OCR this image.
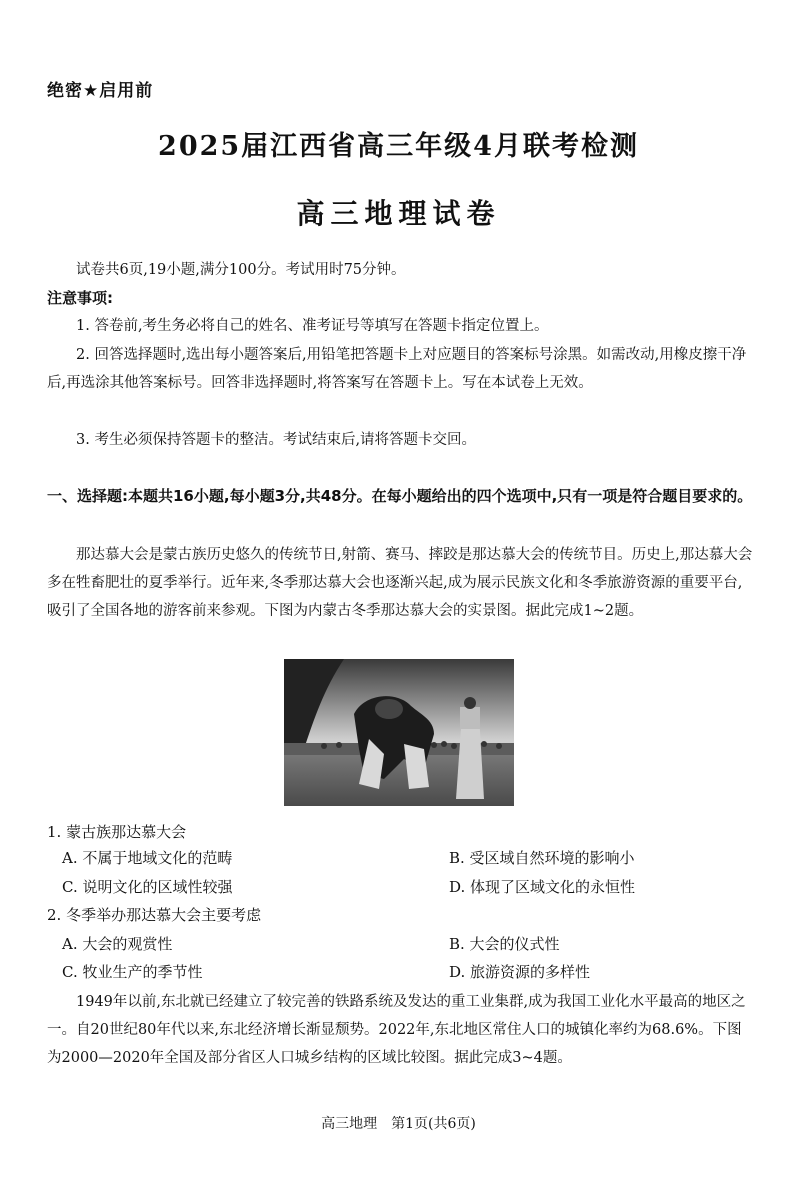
绝密★启用前
2025届江西省高三年级4月联考检测
高三地理试卷
试卷共6页,19小题,满分100分。考试用时75分钟。
注意事项:
1. 答卷前,考生务必将自己的姓名、准考证号等填写在答题卡指定位置上。
2. 回答选择题时,选出每小题答案后,用铅笔把答题卡上对应题目的答案标号涂黑。如需改动,用橡皮擦干净后,再选涂其他答案标号。回答非选择题时,将答案写在答题卡上。写在本试卷上无效。
3. 考生必须保持答题卡的整洁。考试结束后,请将答题卡交回。
一、选择题:本题共16小题,每小题3分,共48分。在每小题给出的四个选项中,只有一项是符合题目要求的。
那达慕大会是蒙古族历史悠久的传统节日,射箭、赛马、摔跤是那达慕大会的传统节目。历史上,那达慕大会多在牲畜肥壮的夏季举行。近年来,冬季那达慕大会也逐渐兴起,成为展示民族文化和冬季旅游资源的重要平台,吸引了全国各地的游客前来参观。下图为内蒙古冬季那达慕大会的实景图。据此完成1~2题。
1. 蒙古族那达慕大会
A. 不属于地域文化的范畴	B. 受区域自然环境的影响小
C. 说明文化的区域性较强	D. 体现了区域文化的永恒性
2. 冬季举办那达慕大会主要考虑
A. 大会的观赏性	B. 大会的仪式性
C. 牧业生产的季节性	D. 旅游资源的多样性
1949年以前,东北就已经建立了较完善的铁路系统及发达的重工业集群,成为我国工业化水平最高的地区之一。自20世纪80年代以来,东北经济增长渐显颓势。2022年,东北地区常住人口的城镇化率约为68.6%。下图为2000—2020年全国及部分省区人口城乡结构的区域比较图。据此完成3~4题。
高三地理　第1页(共6页)
